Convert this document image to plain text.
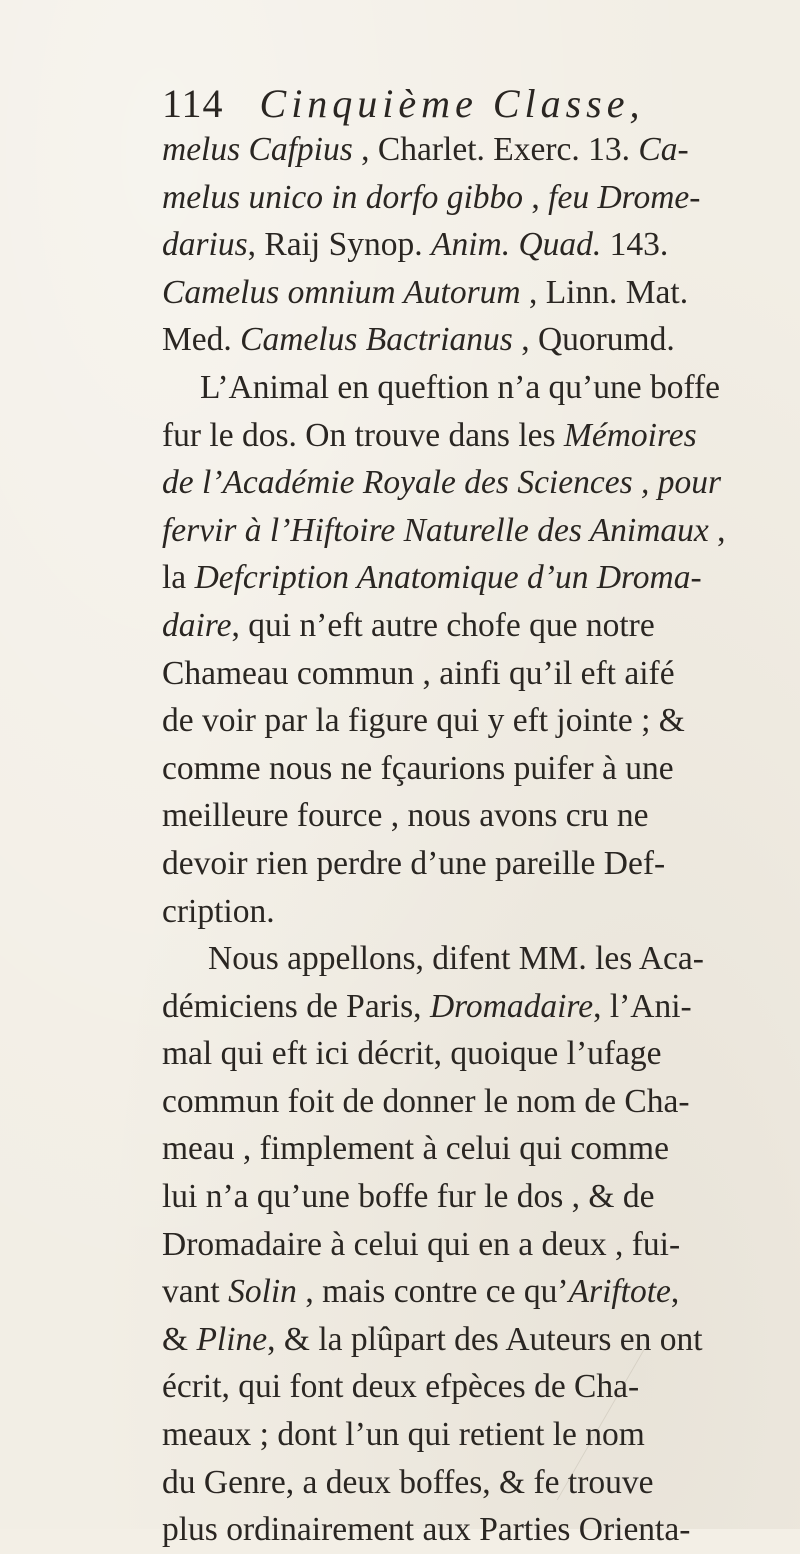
114 Cinquième Classe,
melus Cafpius , Charlet. Exerc. 13. Ca-
melus unico in dorfo gibbo , feu Drome-
darius, Raij Synop. Anim. Quad. 143.
Camelus omnium Autorum , Linn. Mat.
Med. Camelus Bactrianus , Quorumd.
L’Animal en queftion n’a qu’une boffe
fur le dos. On trouve dans les Mémoires
de l’Académie Royale des Sciences , pour
fervir à l’Hiftoire Naturelle des Animaux ,
la Defcription Anatomique d’un Droma-
daire, qui n’eft autre chofe que notre
Chameau commun , ainfi qu’il eft aifé
de voir par la figure qui y eft jointe ; &
comme nous ne fçaurions puifer à une
meilleure fource , nous avons cru ne
devoir rien perdre d’une pareille Def-
cription.
Nous appellons, difent MM. les Aca-
démiciens de Paris, Dromadaire, l’Ani-
mal qui eft ici décrit, quoique l’ufage
commun foit de donner le nom de Cha-
meau , fimplement à celui qui comme
lui n’a qu’une boffe fur le dos , & de
Dromadaire à celui qui en a deux , fui-
vant Solin , mais contre ce qu’Ariftote,
& Pline, & la plûpart des Auteurs en ont
écrit, qui font deux efpèces de Cha-
meaux ; dont l’un qui retient le nom
du Genre, a deux boffes, & fe trouve
plus ordinairement aux Parties Orienta-
